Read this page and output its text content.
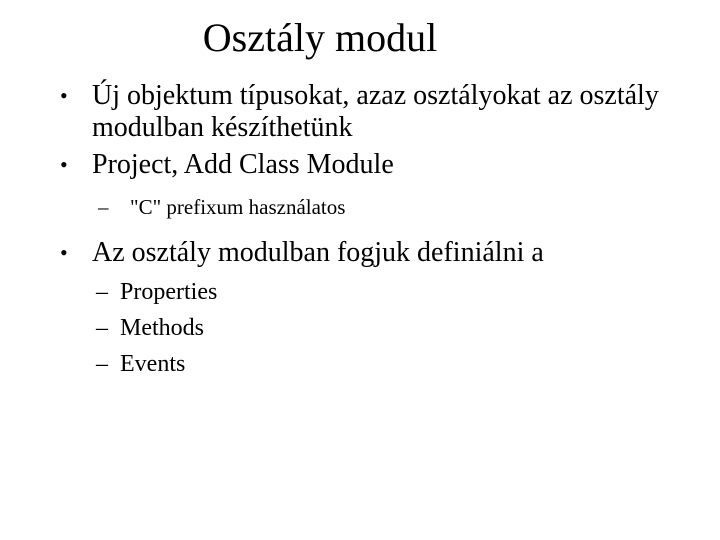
Osztály modul
• Új objektum típusokat, azaz osztályokat az osztály modulban készíthetünk
• Project, Add Class Module
– "C" prefixum használatos
• Az osztály modulban fogjuk definiálni a
– Properties
– Methods
– Events
